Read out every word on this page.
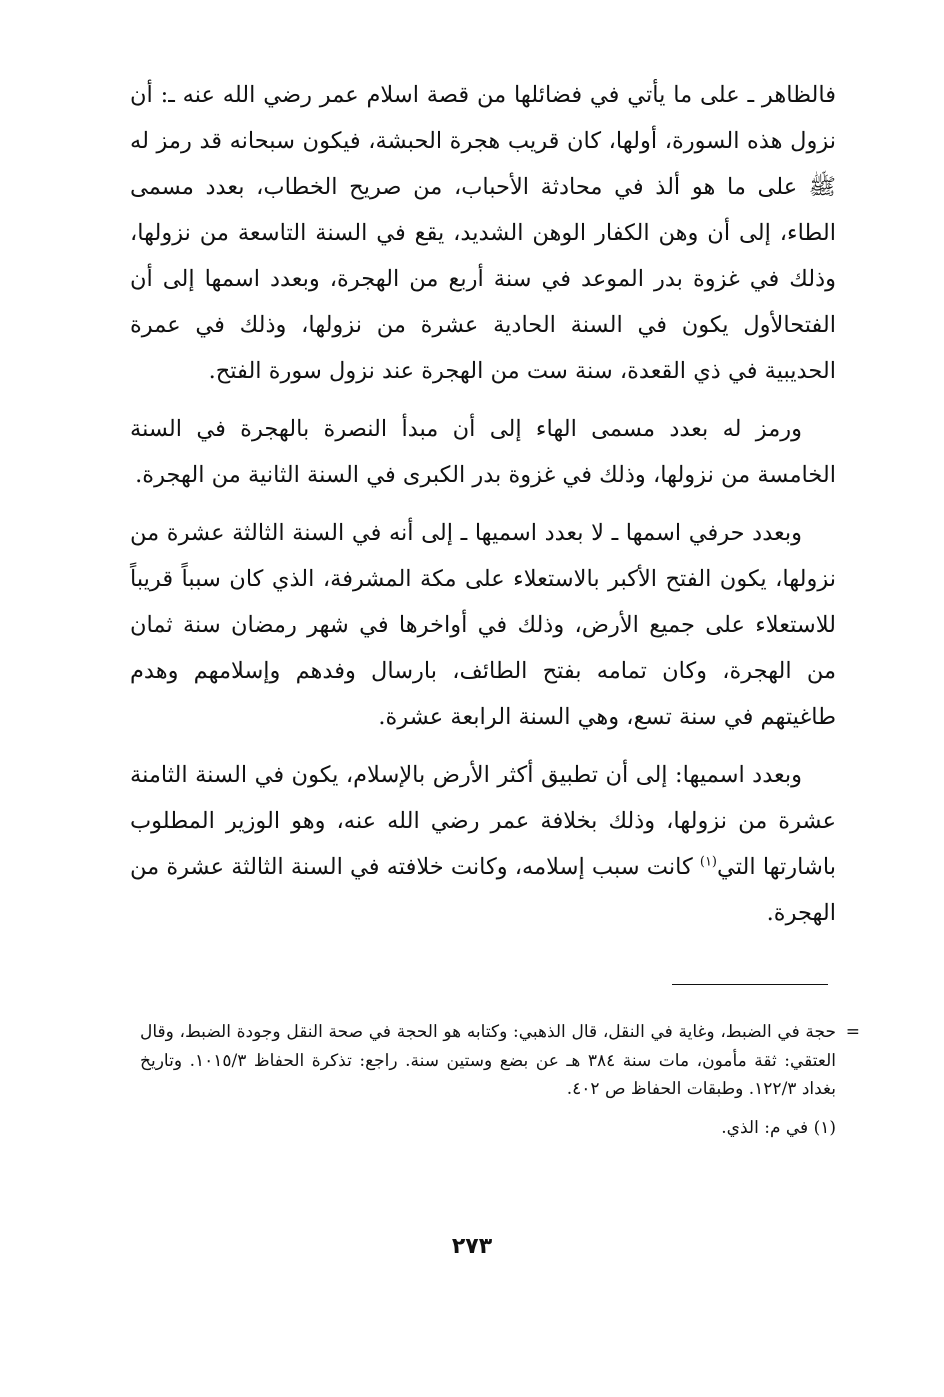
فالظاهر ـ على ما يأتي في فضائلها من قصة اسلام عمر رضي الله عنه ـ: أن نزول هذه السورة، أولها، كان قريب هجرة الحبشة، فيكون سبحانه قد رمز له ﷺ على ما هو ألذ في محادثة الأحباب، من صريح الخطاب، بعدد مسمى الطاء، إلى أن وهن الكفار الوهن الشديد، يقع في السنة التاسعة من نزولها، وذلك في غزوة بدر الموعد في سنة أربع من الهجرة، وبعدد اسمها إلى أن الفتحالأول يكون في السنة الحادية عشرة من نزولها، وذلك في عمرة الحديبية في ذي القعدة، سنة ست من الهجرة عند نزول سورة الفتح.

ورمز له بعدد مسمى الهاء إلى أن مبدأ النصرة بالهجرة في السنة الخامسة من نزولها، وذلك في غزوة بدر الكبرى في السنة الثانية من الهجرة.

وبعدد حرفي اسمها ـ لا بعدد اسميها ـ إلى أنه في السنة الثالثة عشرة من نزولها، يكون الفتح الأكبر بالاستعلاء على مكة المشرفة، الذي كان سبباً قريباً للاستعلاء على جميع الأرض، وذلك في أواخرها في شهر رمضان سنة ثمان من الهجرة، وكان تمامه بفتح الطائف، بارسال وفدهم وإسلامهم وهدم طاغيتهم في سنة تسع، وهي السنة الرابعة عشرة.

وبعدد اسميها: إلى أن تطبيق أكثر الأرض بالإسلام، يكون في السنة الثامنة عشرة من نزولها، وذلك بخلافة عمر رضي الله عنه، وهو الوزير المطلوب باشارتها التي$^{(١)}$ كانت سبب إسلامه، وكانت خلافته في السنة الثالثة عشرة من الهجرة.

=
حجة في الضبط، وغاية في النقل، قال الذهبي: وكتابه هو الحجة في صحة النقل وجودة الضبط، وقال العتقي: ثقة مأمون، مات سنة ٣٨٤ هـ عن بضع وستين سنة. راجع: تذكرة الحفاظ ١٠١٥/٣. وتاريخ بغداد ١٢٢/٣. وطبقات الحفاظ ص ٤٠٢.

(١) في م: الذي.

٢٧٣
